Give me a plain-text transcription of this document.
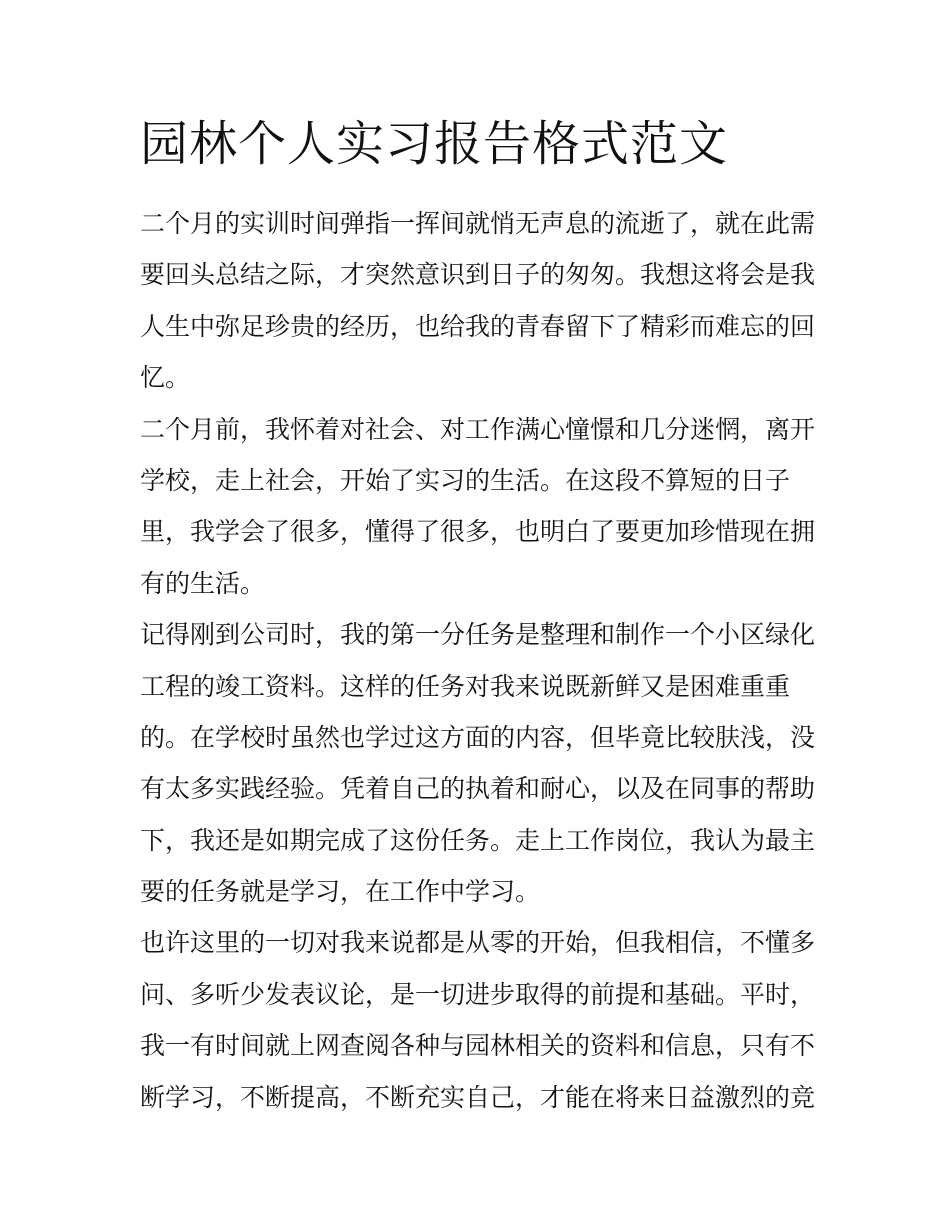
园林个人实习报告格式范文
二个月的实训时间弹指一挥间就悄无声息的流逝了，就在此需
要回头总结之际，才突然意识到日子的匆匆。我想这将会是我
人生中弥足珍贵的经历，也给我的青春留下了精彩而难忘的回
忆。
二个月前，我怀着对社会、对工作满心憧憬和几分迷惘，离开
学校，走上社会，开始了实习的生活。在这段不算短的日子
里，我学会了很多，懂得了很多，也明白了要更加珍惜现在拥
有的生活。
记得刚到公司时，我的第一分任务是整理和制作一个小区绿化
工程的竣工资料。这样的任务对我来说既新鲜又是困难重重
的。在学校时虽然也学过这方面的内容，但毕竟比较肤浅，没
有太多实践经验。凭着自己的执着和耐心，以及在同事的帮助
下，我还是如期完成了这份任务。走上工作岗位，我认为最主
要的任务就是学习，在工作中学习。
也许这里的一切对我来说都是从零的开始，但我相信，不懂多
问、多听少发表议论，是一切进步取得的前提和基础。平时，
我一有时间就上网查阅各种与园林相关的资料和信息，只有不
断学习，不断提高，不断充实自己，才能在将来日益激烈的竞
